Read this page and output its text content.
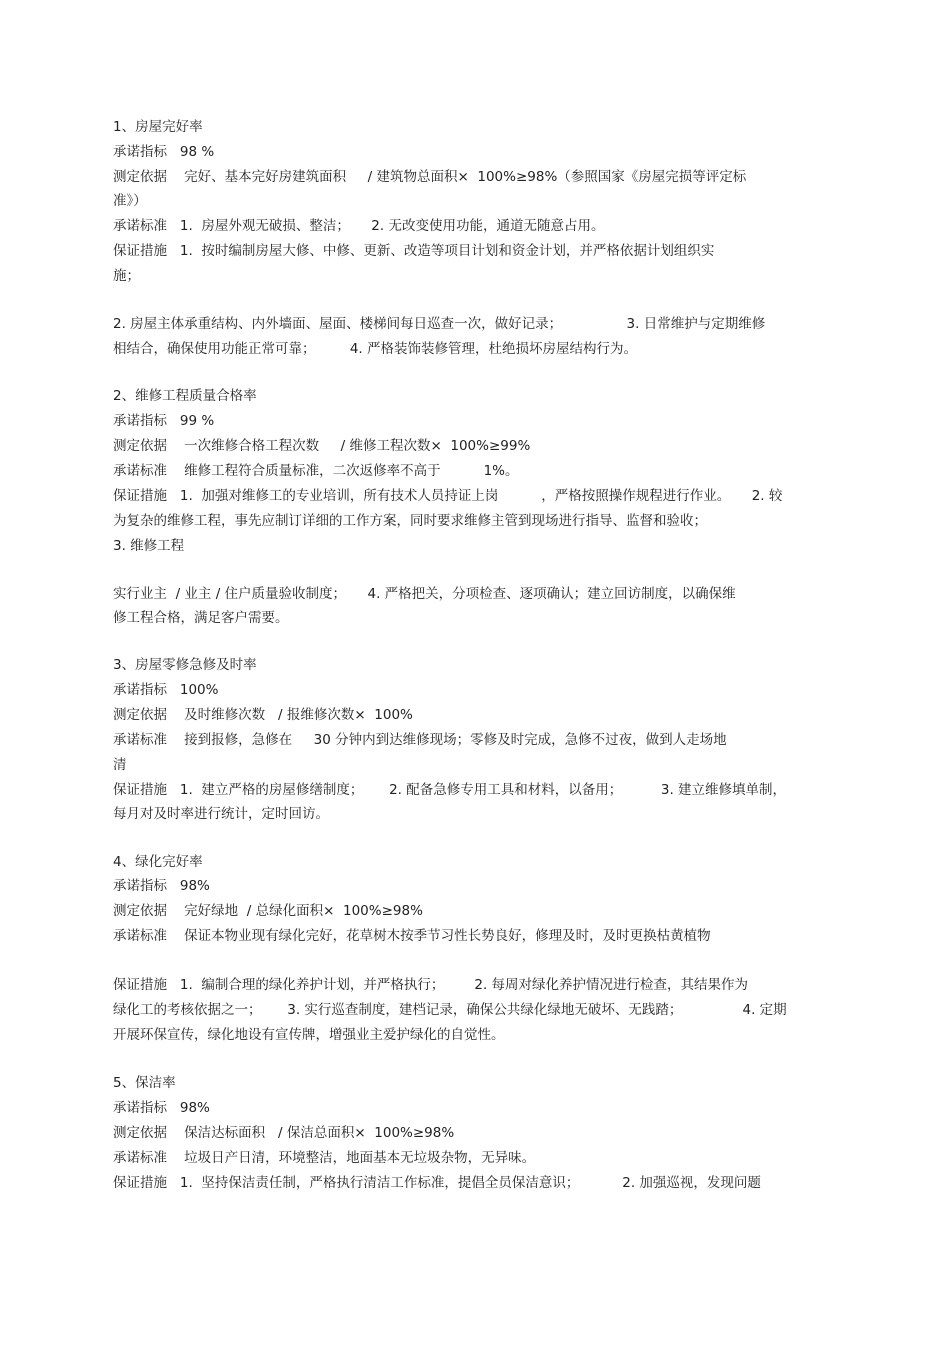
1、房屋完好率

承诺指标   98 %

测定依据    完好、基本完好房建筑面积     / 建筑物总面积×  100%≥98%（参照国家《房屋完损等评定标

准》）

承诺标准   1.  房屋外观无破损、整洁；     2. 无改变使用功能，通道无随意占用。

保证措施   1.  按时编制房屋大修、中修、更新、改造等项目计划和资金计划，并严格依据计划组织实

施；

2. 房屋主体承重结构、内外墙面、屋面、楼梯间每日巡查一次，做好记录；               3. 日常维护与定期维修

相结合，确保使用功能正常可靠；        4. 严格装饰装修管理，杜绝损坏房屋结构行为。

2、维修工程质量合格率

承诺指标   99 %

测定依据    一次维修合格工程次数     / 维修工程次数×  100%≥99%

承诺标准    维修工程符合质量标准，二次返修率不高于          1%。

保证措施   1.  加强对维修工的专业培训，所有技术人员持证上岗          ，严格按照操作规程进行作业。     2. 较

为复杂的维修工程，事先应制订详细的工作方案，同时要求维修主管到现场进行指导、监督和验收；

3. 维修工程

实行业主  / 业主 / 住户质量验收制度；     4. 严格把关，分项检查、逐项确认；建立回访制度，以确保维

修工程合格，满足客户需要。

3、房屋零修急修及时率

承诺指标   100%

测定依据    及时维修次数   / 报维修次数×  100%

承诺标准    接到报修，急修在     30 分钟内到达维修现场；零修及时完成，急修不过夜，做到人走场地

清

保证措施   1.  建立严格的房屋修缮制度；      2. 配备急修专用工具和材料，以备用；         3. 建立维修填单制，

每月对及时率进行统计，定时回访。

4、绿化完好率

承诺指标   98%

测定依据    完好绿地  / 总绿化面积×  100%≥98%

承诺标准    保证本物业现有绿化完好，花草树木按季节习性长势良好，修理及时，及时更换枯黄植物

保证措施   1.  编制合理的绿化养护计划，并严格执行；       2. 每周对绿化养护情况进行检查，其结果作为

绿化工的考核依据之一；      3. 实行巡查制度，建档记录，确保公共绿化绿地无破坏、无践踏；              4. 定期

开展环保宣传，绿化地设有宣传牌，增强业主爱护绿化的自觉性。

5、保洁率

承诺指标   98%

测定依据    保洁达标面积   / 保洁总面积×  100%≥98%

承诺标准    垃圾日产日清，环境整洁，地面基本无垃圾杂物，无异味。

保证措施   1.  坚持保洁责任制，严格执行清洁工作标准，提倡全员保洁意识；          2. 加强巡视，发现问题
